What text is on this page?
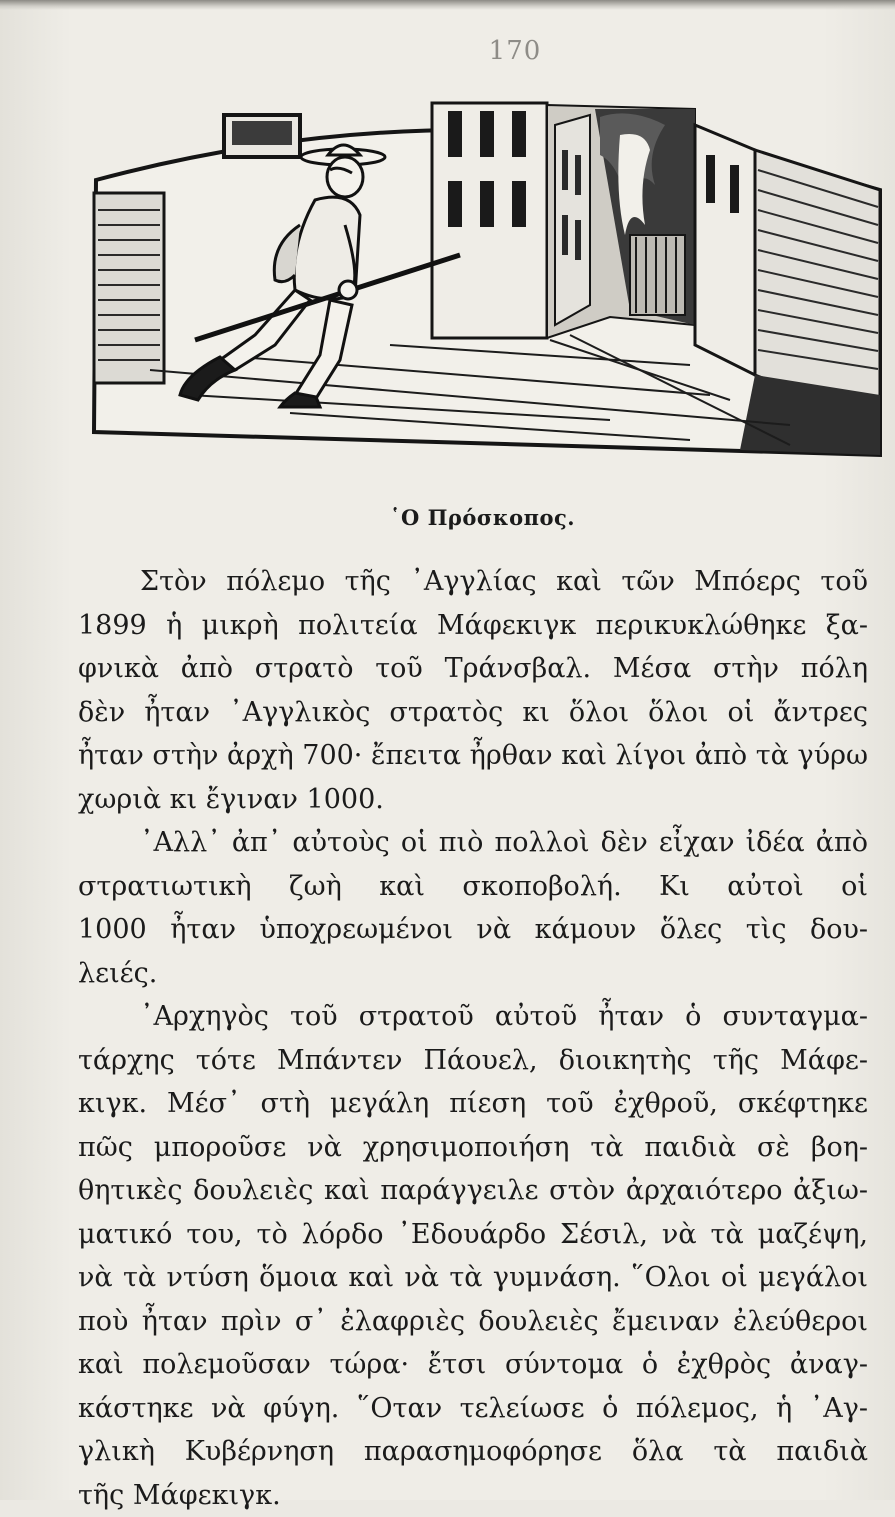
170
῾Ο Πρόσκοπος.
Στὸν πόλεμο τῆς ᾿Αγγλίας καὶ τῶν Μπόερς τοῦ
1899 ἡ μικρὴ πολιτεία Μάφεκιγκ περικυκλώθηκε ξα-
φνικὰ ἀπὸ στρατὸ τοῦ Τράνσβαλ. Μέσα στὴν πόλη
δὲν ἦταν ᾿Αγγλικὸς στρατὸς κι ὅλοι ὅλοι οἱ ἄντρες
ἦταν στὴν ἀρχὴ 700· ἔπειτα ἦρθαν καὶ λίγοι ἀπὸ τὰ γύρω
χωριὰ κι ἔγιναν 1000.
᾿Αλλ᾿ ἀπ᾿ αὐτοὺς οἱ πιὸ πολλοὶ δὲν εἶχαν ἰδέα ἀπὸ
στρατιωτικὴ ζωὴ καὶ σκοποβολή. Κι αὐτοὶ οἱ
1000 ἦταν ὑποχρεωμένοι νὰ κάμουν ὅλες τὶς δου-
λειές.
᾿Αρχηγὸς τοῦ στρατοῦ αὐτοῦ ἦταν ὁ συνταγμα-
τάρχης τότε Μπάντεν Πάουελ, διοικητὴς τῆς Μάφε-
κιγκ. Μέσ᾿ στὴ μεγάλη πίεση τοῦ ἐχθροῦ, σκέφτηκε
πῶς μποροῦσε νὰ χρησιμοποιήση τὰ παιδιὰ σὲ βοη-
θητικὲς δουλειὲς καὶ παράγγειλε στὸν ἀρχαιότερο ἀξιω-
ματικό του, τὸ λόρδο ᾿Εδουάρδο Σέσιλ, νὰ τὰ μαζέψη,
νὰ τὰ ντύση ὅμοια καὶ νὰ τὰ γυμνάση. ῞Ολοι οἱ μεγάλοι
ποὺ ἦταν πρὶν σ᾿ ἐλαφριὲς δουλειὲς ἔμειναν ἐλεύθεροι
καὶ πολεμοῦσαν τώρα· ἔτσι σύντομα ὁ ἐχθρὸς ἀναγ-
κάστηκε νὰ φύγη. ῞Οταν τελείωσε ὁ πόλεμος, ἡ ᾿Αγ-
γλικὴ Κυβέρνηση παρασημοφόρησε ὅλα τὰ παιδιὰ
τῆς Μάφεκιγκ.
